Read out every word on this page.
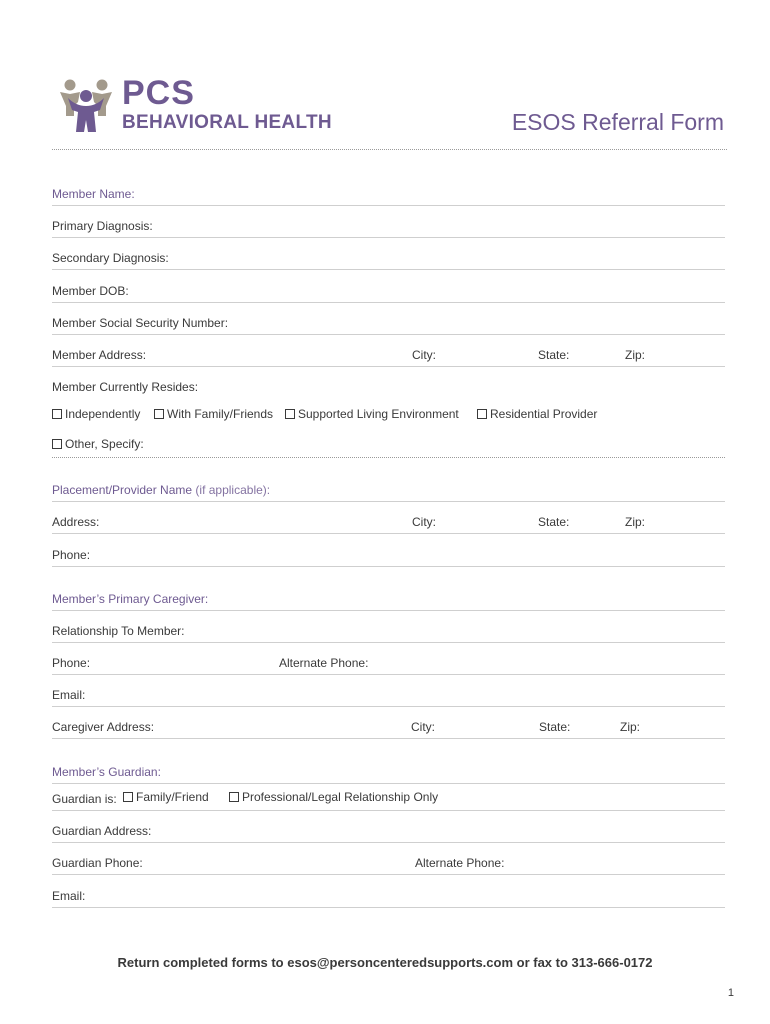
PCS
BEHAVIORAL HEALTH	ESOS Referral Form
Member Name:
Primary Diagnosis:
Secondary Diagnosis:
Member DOB:
Member Social Security Number:
Member Address:	City:	State:	Zip:
Member Currently Resides:
Independently With Family/Friends Supported Living Environment	Residential Provider
Other, Specify:
Placement/Provider Name (if applicable):
Address:	City:	State:	Zip:
Phone:
Member’s Primary Caregiver:
Relationship To Member:
Phone:	Alternate Phone:
Email:
Caregiver Address:	City:	State:	Zip:
Member’s Guardian:
Guardian is: Family/Friend	Professional/Legal Relationship Only
Guardian Address:
Guardian Phone:	Alternate Phone:
Email:
Return completed forms to esos@personcenteredsupports.com or fax to 313-666-0172
1
